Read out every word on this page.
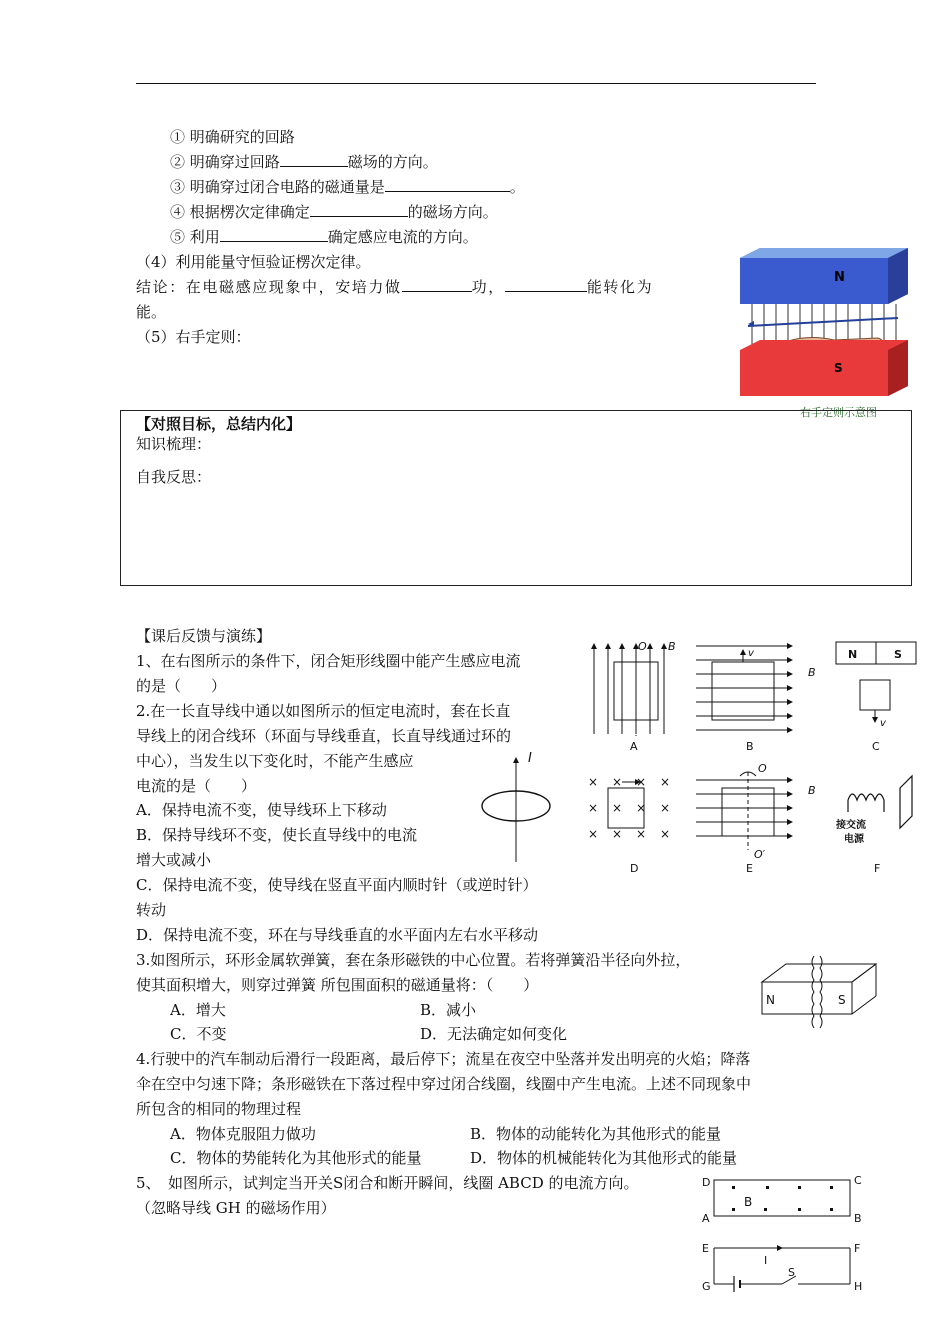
① 明确研究的回路
② 明确穿过回路	磁场的方向。
③ 明确穿过闭合电路的磁通量是	。
④ 根据楞次定律确定	的磁场方向。
⑤ 利用	确定感应电流的方向。
（4）利用能量守恒验证楞次定律。
结论：在电磁感应现象中，安培力做	功，	能转化为
能。
（5）右手定则：
N
S
右手定则示意图
【对照目标，总结内化】
知识梳理：
自我反思：
【课后反馈与演练】
1、在右图所示的条件下，闭合矩形线圈中能产生感应电流
的是（　　）
2.在一长直导线中通以如图所示的恒定电流时，套在长直
导线上的闭合线环（环面与导线垂直，长直导线通过环的
中心），当发生以下变化时，不能产生感应
电流的是（　　）
A．保持电流不变，使导线环上下移动
B．保持导线环不变，使长直导线中的电流
增大或减小
C．保持电流不变，使导线在竖直平面内顺时针（或逆时针）
转动
D．保持电流不变，环在与导线垂直的水平面内左右水平移动
3.如图所示，环形金属软弹簧，套在条形磁铁的中心位置。若将弹簧沿半径向外拉，
使其面积增大，则穿过弹簧 所包围面积的磁通量将：（　　）
A．增大	B．减小
C．不变	D．无法确定如何变化
4.行驶中的汽车制动后滑行一段距离，最后停下；流星在夜空中坠落并发出明亮的火焰；降落
伞在空中匀速下降；条形磁铁在下落过程中穿过闭合线圈，线圈中产生电流。上述不同现象中
所包含的相同的物理过程
A．物体克服阻力做功	B．物体的动能转化为其他形式的能量
C．物体的势能转化为其他形式的能量	D．物体的机械能转化为其他形式的能量
5、　如图所示，试判定当开关S闭合和断开瞬间，线圈 ABCD 的电流方向。
（忽略导线 GH 的磁场作用）
O B
A
v
B
B
N	S
v
C
× × × ×
× × × ×
× × × ×
D
O
B
O′
E
接交流
电源
F
I
N	S
B
D	C
A	B
I
S
E	F
G	H
